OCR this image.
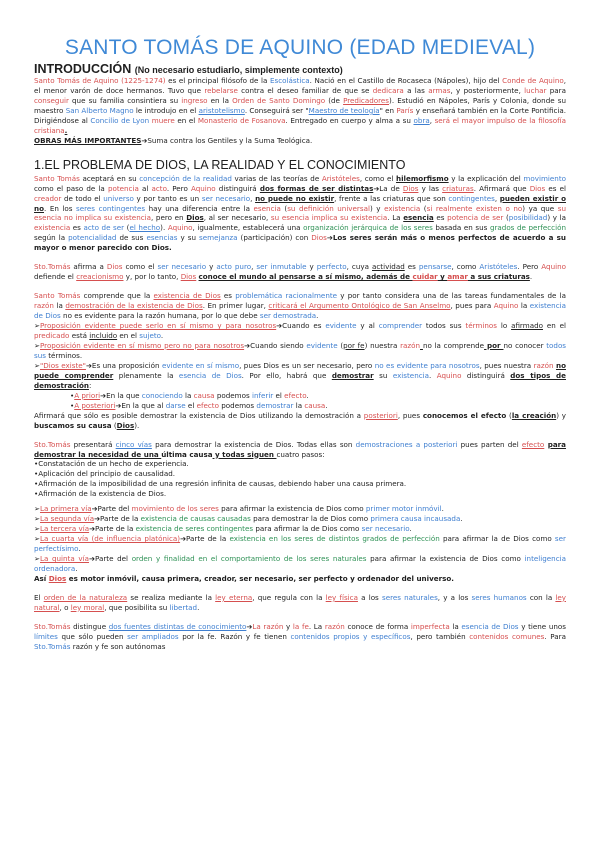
SANTO TOMÁS DE AQUINO (EDAD MEDIEVAL)
INTRODUCCIÓN (No necesario estudiarlo, simplemente contexto)

Santo Tomás de Aquino (1225-1274) es el principal filósofo de la Escolástica. Nació en el Castillo de Rocaseca (Nápoles), hijo del Conde de Aquino, el menor varón de doce hermanos. Tuvo que rebelarse contra el deseo familiar de que se dedicara a las armas, y posteriormente, luchar para conseguir que su familia consintiera su ingreso en la Orden de Santo Domingo (de Predicadores). Estudió en Nápoles, París y Colonia, donde su maestro San Alberto Magno le introdujo en el aristotelismo. Conseguirá ser "Maestro de teología" en París y enseñará también en la Corte Pontificia. Dirigiéndose al Concilio de Lyon muere en el Monasterio de Fosanova. Entregado en cuerpo y alma a su obra, será el mayor impulso de la filosofía cristiana.

OBRAS MÁS IMPORTANTES➔Suma contra los Gentiles y la Suma Teológica.

1.EL PROBLEMA DE DIOS, LA REALIDAD Y EL CONOCIMIENTO

Santo Tomás aceptará en su concepción de la realidad varias de las teorías de Aristóteles, como el hilemorfismo y la explicación del movimiento como el paso de la potencia al acto. Pero Aquino distinguirá dos formas de ser distintas➔La de Dios y las criaturas. Afirmará que Dios es el creador de todo el universo y por tanto es un ser necesario, no puede no existir, frente a las criaturas que son contingentes, pueden existir o no. En los seres contingentes hay una diferencia entre la esencia (su definición universal) y existencia (si realmente existen o no) ya que su esencia no implica su existencia, pero en Dios, al ser necesario, su esencia implica su existencia. La esencia es potencia de ser (posibilidad) y la existencia es acto de ser (el hecho). Aquino, igualmente, establecerá una organización jerárquica de los seres basada en sus grados de perfección según la potencialidad de sus esencias y su semejanza (participación) con Dios➔Los seres serán más o menos perfectos de acuerdo a su mayor o menor parecido con Dios.

Sto.Tomás afirma a Dios como el ser necesario y acto puro, ser inmutable y perfecto, cuya actividad es pensarse, como Aristóteles. Pero Aquino defiende el creacionismo y, por lo tanto, Dios conoce el mundo al pensarse a sí mismo, además de cuidar y amar a sus criaturas.

Santo Tomás comprende que la existencia de Dios es problemática racionalmente y por tanto considera una de las tareas fundamentales de la razón la demostración de la existencia de Dios. En primer lugar, criticará el Argumento Ontológico de San Anselmo, pues para Aquino la existencia de Dios no es evidente para la razón humana, por lo que debe ser demostrada.

➢Proposición evidente puede serlo en sí mismo y para nosotros➔Cuando es evidente y al comprender todos sus términos lo afirmado en el predicado está incluido en el sujeto.

➢Proposición evidente en sí mismo pero no para nosotros➔Cuando siendo evidente (por fe) nuestra razón no la comprende por no conocer todos sus términos.

➢"Dios existe"➔Es una proposición evidente en sí mismo, pues Dios es un ser necesario, pero no es evidente para nosotros, pues nuestra razón no puede comprender plenamente la esencia de Dios. Por ello, habrá que demostrar su existencia. Aquino distinguirá dos tipos de demostración:

•A priori➔En la que conociendo la causa podemos inferir el efecto.

•A posteriori➔En la que al darse el efecto podemos demostrar la causa.

Afirmará que sólo es posible demostrar la existencia de Dios utilizando la demostración a posteriori, pues conocemos el efecto (la creación) y buscamos su causa (Dios).

Sto.Tomás presentará cinco vías para demostrar la existencia de Dios. Todas ellas son demostraciones a posteriori pues parten del efecto para demostrar la necesidad de una última causa y todas siguen cuatro pasos:

•Constatación de un hecho de experiencia.

•Aplicación del principio de causalidad.

•Afirmación de la imposibilidad de una regresión infinita de causas, debiendo haber una causa primera.

•Afirmación de la existencia de Dios.

➢La primera vía➔Parte del movimiento de los seres para afirmar la existencia de Dios como primer motor inmóvil.

➢La segunda vía➔Parte de la existencia de causas causadas para demostrar la de Dios como primera causa incausada.

➢La tercera vía➔Parte de la existencia de seres contingentes para afirmar la de Dios como ser necesario.

➢La cuarta vía (de influencia platónica)➔Parte de la existencia en los seres de distintos grados de perfección para afirmar la de Dios como ser perfectísimo.

➢La quinta vía➔Parte del orden y finalidad en el comportamiento de los seres naturales para afirmar la existencia de Dios como inteligencia ordenadora.

Así Dios es motor inmóvil, causa primera, creador, ser necesario, ser perfecto y ordenador del universo.

El orden de la naturaleza se realiza mediante la ley eterna, que regula con la ley física a los seres naturales, y a los seres humanos con la ley natural, o ley moral, que posibilita su libertad.

Sto.Tomás distingue dos fuentes distintas de conocimiento➔La razón y la fe. La razón conoce de forma imperfecta la esencia de Dios y tiene unos límites que sólo pueden ser ampliados por la fe. Razón y fe tienen contenidos propios y específicos, pero también contenidos comunes. Para Sto.Tomás razón y fe son autónomas
